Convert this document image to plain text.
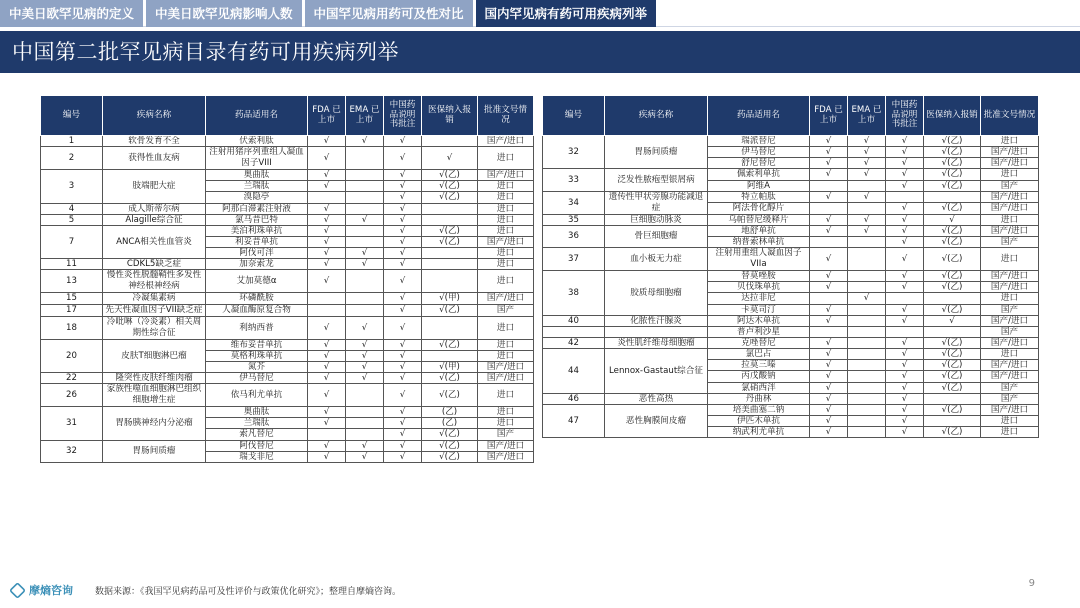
中美日欧罕见病的定义	中美日欧罕见病影响人数	中国罕见病用药可及性对比	国内罕见病有药可用疾病列举
中国第二批罕见病目录有药可用疾病列举
编号	疾病名称	药品适用名	FDA 已上市	EMA 已上市	中国药品说明书批注	医保纳入报销	批准文号情况
1	软骨发育不全	伏索利肽	√	√	√		国产/进口
2	获得性血友病	注射用猪序列重组人凝血因子VIII	√		√	√	进口

3	肢端肥大症	奥曲肽	√		√	√(乙)	国产/进口
		兰瑞肽	√		√	√(乙)	进口
		溴隐亭			√	√(乙)	进口
4	成人斯蒂尔病	阿那白滞素注射液	√		√		进口
5	Alagille综合征	氯马昔巴特	√	√	√		进口
7	ANCA相关性血管炎	美泊利珠单抗	√		√	√(乙)	进口
		利妥昔单抗	√		√	√(乙)	国产/进口
		阿伐可泮	√	√	√		进口
11	CDKL5缺乏症	加奈索龙	√	√	√		进口
13	慢性炎性脱髓鞘性多发性神经根神经病	艾加莫德α	√		√		进口

15	冷凝集素病	环磷酰胺			√	√(甲)	国产/进口
17	先天性凝血因子VII缺乏症	人凝血酶原复合物			√	√(乙)	国产

18	冷吡啉（冷炎素）相关周期性综合征	利纳西普	√	√	√		进口

20	皮肤T细胞淋巴瘤	维布妥昔单抗	√	√	√	√(乙)	进口
		莫格利珠单抗	√	√	√		进口
		氮芥	√	√	√	√(甲)	国产/进口
22	隆突性皮肤纤维肉瘤	伊马替尼	√	√	√	√(乙)	国产/进口
26	家族性噬血细胞淋巴组织细胞增生症	依马利尤单抗	√		√	√(乙)	进口

31	胃肠胰神经内分泌瘤	奥曲肽	√		√	(乙)	进口

		兰瑞肽	√		√	(乙)	进口
		索凡替尼			√	√(乙)	国产
32	胃肠间质瘤	阿伐替尼	√	√	√	√(乙)	国产/进口
		瑞戈非尼	√	√	√	√(乙)	国产/进口
编号	疾病名称	药品适用名	FDA 已上市	EMA 已上市	中国药品说明书批注	医保纳入报销	批准文号情况
32	胃肠间质瘤	瑞派替尼	√	√	√	√(乙)	进口
		伊马替尼	√	√	√	√(乙)	国产/进口
		舒尼替尼	√	√	√	√(乙)	国产/进口

33	泛发性脓疱型银屑病	佩索利单抗	√	√	√	√(乙)	进口
		阿维A			√	√(乙)	国产
34	遗传性甲状旁腺功能减退症	特立帕肽	√	√			国产/进口

		阿法骨化醇片			√	√(乙)	国产/进口

35	巨细胞动脉炎	乌帕替尼缓释片	√	√	√	√	进口
36	骨巨细胞瘤	地舒单抗	√	√	√	√(乙)	国产/进口
		纳普索林单抗			√	√(乙)	国产
37	血小板无力症	注射用重组人凝血因子VIIa	√		√	√(乙)	进口

38	胶质母细胞瘤	替莫唑胺	√		√	√(乙)	国产/进口

		贝伐珠单抗	√		√	√(乙)	国产/进口

		达拉非尼		√			进口
		卡莫司汀	√		√	√(乙)	国产
40	化脓性汗腺炎	阿达木单抗	√		√	√	国产/进口
		普卢利沙星					国产
42	炎性肌纤维母细胞瘤	克唑替尼	√		√	√(乙)	国产/进口
44	Lennox-Gastaut综合征	氯巴占	√		√	√(乙)	进口
		拉莫三嗪	√		√	√(乙)	国产/进口
		丙戊酸钠	√		√	√(乙)	国产/进口

		氯硝西泮	√		√	√(乙)	国产
46	恶性高热	丹曲林	√		√		国产
47	恶性胸膜间皮瘤	培美曲塞二钠	√		√	√(乙)	国产/进口

		伊匹木单抗	√		√		进口
		纳武利尤单抗	√		√	√(乙)	进口

摩熵咨询 数据来源：《我国罕见病药品可及性评价与政策优化研究》；整理自摩熵咨询。
9
